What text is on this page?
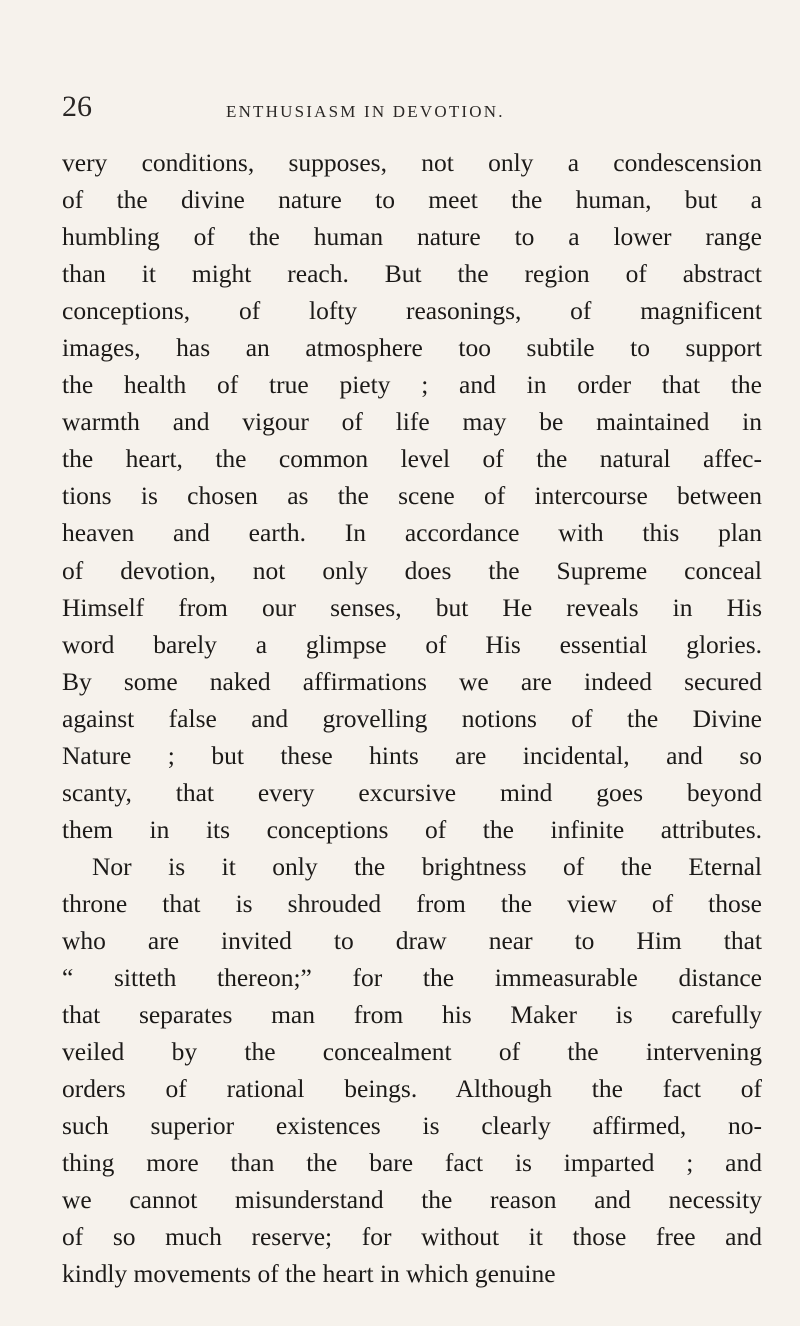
26	ENTHUSIASM IN DEVOTION.
very conditions, supposes, not only a condescension
of the divine nature to meet the human, but a
humbling of the human nature to a lower range
than it might reach. But the region of abstract
conceptions, of lofty reasonings, of magnificent
images, has an atmosphere too subtile to support
the health of true piety ; and in order that the
warmth and vigour of life may be maintained in
the heart, the common level of the natural affec-
tions is chosen as the scene of intercourse between
heaven and earth. In accordance with this plan
of devotion, not only does the Supreme conceal
Himself from our senses, but He reveals in His
word barely a glimpse of His essential glories.
By some naked affirmations we are indeed secured
against false and grovelling notions of the Divine
Nature ; but these hints are incidental, and so
scanty, that every excursive mind goes beyond
them in its conceptions of the infinite attributes.
Nor is it only the brightness of the Eternal
throne that is shrouded from the view of those
who are invited to draw near to Him that
“ sitteth thereon;” for the immeasurable distance
that separates man from his Maker is carefully
veiled by the concealment of the intervening
orders of rational beings. Although the fact of
such superior existences is clearly affirmed, no-
thing more than the bare fact is imparted ; and
we cannot misunderstand the reason and necessity
of so much reserve; for without it those free and
kindly movements of the heart in which genuine
